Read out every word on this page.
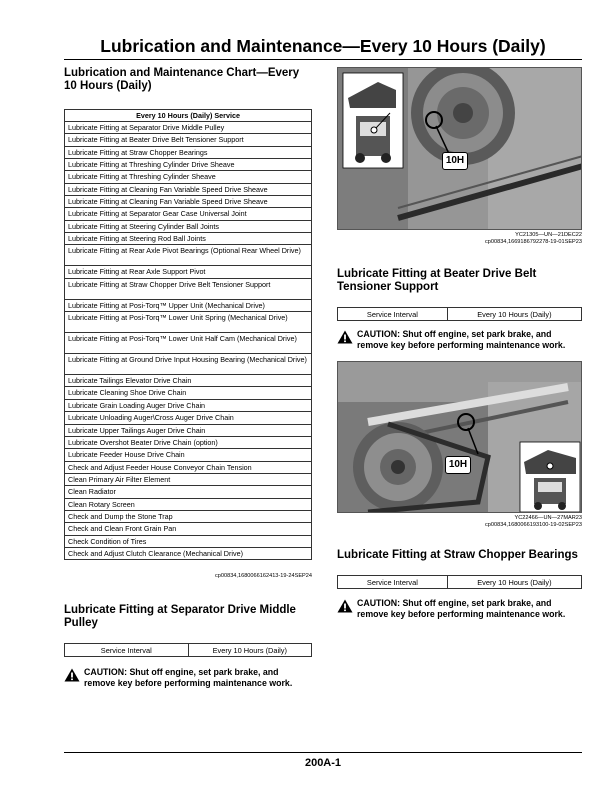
Lubrication and Maintenance—Every 10 Hours (Daily)
Lubrication and Maintenance Chart—Every 10 Hours (Daily)
Every 10 Hours (Daily) Service
Lubricate Fitting at Separator Drive Middle Pulley
Lubricate Fitting at Beater Drive Belt Tensioner Support
Lubricate Fitting at Straw Chopper Bearings
Lubricate Fitting at Threshing Cylinder Drive Sheave
Lubricate Fitting at Threshing Cylinder Sheave
Lubricate Fitting at Cleaning Fan Variable Speed Drive Sheave
Lubricate Fitting at Cleaning Fan Variable Speed Drive Sheave
Lubricate Fitting at Separator Gear Case Universal Joint
Lubricate Fitting at Steering Cylinder Ball Joints
Lubricate Fitting at Steering Rod Ball Joints
Lubricate Fitting at Rear Axle Pivot Bearings (Optional Rear Wheel Drive)
Lubricate Fitting at Rear Axle Support Pivot
Lubricate Fitting at Straw Chopper Drive Belt Tensioner Support
Lubricate Fitting at Posi-Torq™ Upper Unit (Mechanical Drive)
Lubricate Fitting at Posi-Torq™ Lower Unit Spring (Mechanical Drive)
Lubricate Fitting at Posi-Torq™ Lower Unit Half Cam (Mechanical Drive)
Lubricate Fitting at Ground Drive Input Housing Bearing (Mechanical Drive)
Lubricate Tailings Elevator Drive Chain
Lubricate Cleaning Shoe Drive Chain
Lubricate Grain Loading Auger Drive Chain
Lubricate Unloading Auger\Cross Auger Drive Chain
Lubricate Upper Tailings Auger Drive Chain
Lubricate Overshot Beater Drive Chain (option)
Lubricate Feeder House Drive Chain
Check and Adjust Feeder House Conveyor Chain Tension
Clean Primary Air Filter Element
Clean Radiator
Clean Rotary Screen
Check and Dump the Stone Trap
Check and Clean Front Grain Pan
Check Condition of Tires
Check and Adjust Clutch Clearance (Mechanical Drive)
cp00834,1680066162413-19-24SEP24
Lubricate Fitting at Separator Drive Middle Pulley
Service Interval	Every 10 Hours (Daily)
CAUTION: Shut off engine, set park brake, and remove key before performing maintenance work.
10H
YC21305—UN—21DEC22
cp00834,1669186792278-19-01SEP23
Lubricate Fitting at Beater Drive Belt Tensioner Support
Service Interval	Every 10 Hours (Daily)
CAUTION: Shut off engine, set park brake, and remove key before performing maintenance work.
10H
YC22466—UN—27MAR23
cp00834,1680066193100-19-02SEP23
Lubricate Fitting at Straw Chopper Bearings
Service Interval	Every 10 Hours (Daily)
CAUTION: Shut off engine, set park brake, and remove key before performing maintenance work.
200A-1
